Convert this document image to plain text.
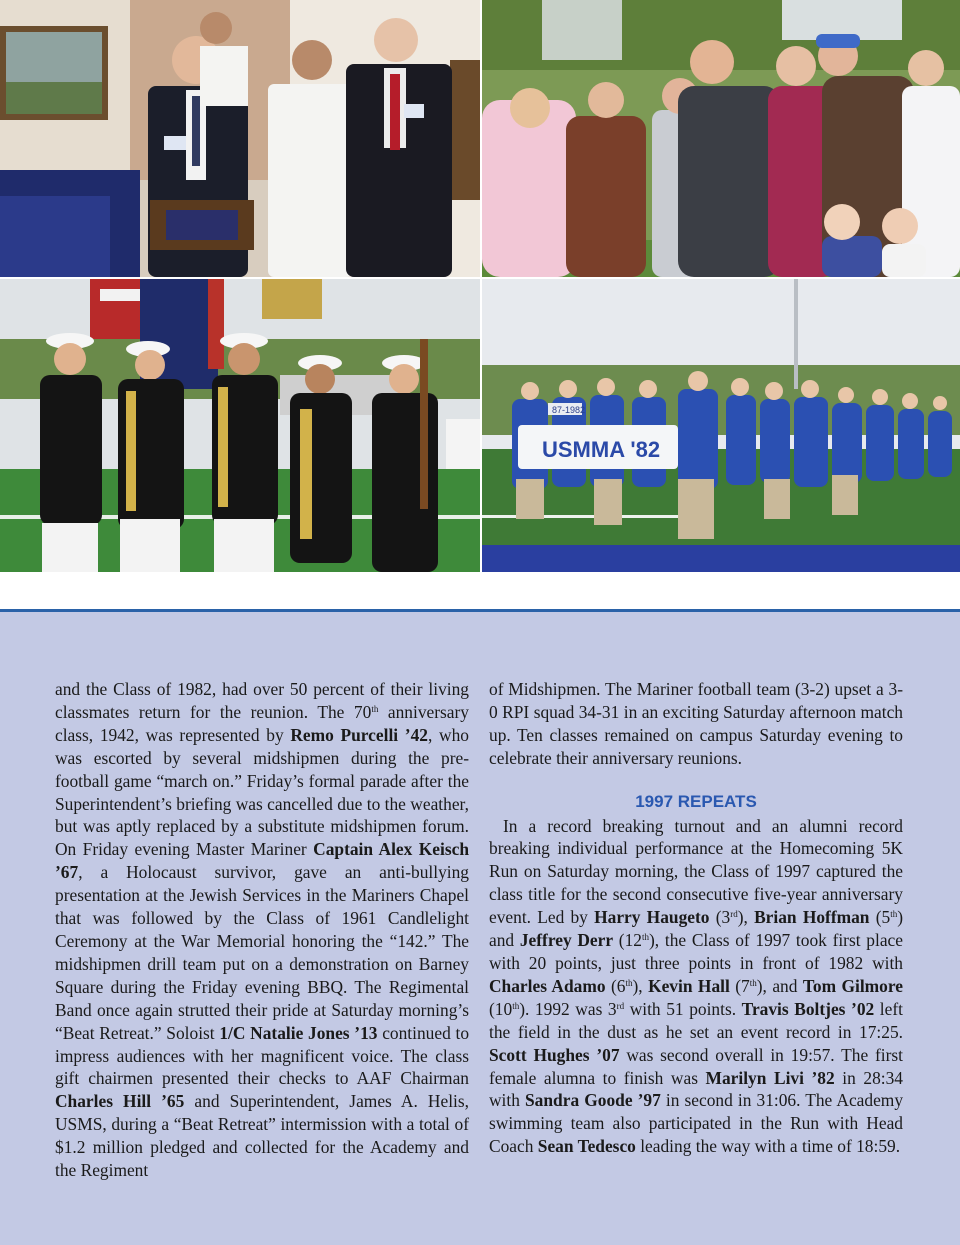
87-1982
USMMA '82

and the Class of 1982, had over 50 percent of their living classmates return for the reunion. The 70th anniversary class, 1942, was represented by Remo Purcelli ’42, who was escorted by several midshipmen during the pre-football game “march on.” Friday’s formal parade after the Superintendent’s briefing was cancelled due to the weather, but was aptly replaced by a substitute midshipmen forum. On Friday evening Master Mariner Captain Alex Keisch ’67, a Holocaust survivor, gave an anti-bullying presentation at the Jewish Services in the Mariners Chapel that was followed by the Class of 1961 Candlelight Ceremony at the War Memorial honoring the “142.” The midshipmen drill team put on a demonstration on Barney Square during the Friday evening BBQ. The Regimental Band once again strutted their pride at Saturday morning’s “Beat Retreat.” Soloist 1/C Natalie Jones ’13 continued to impress audiences with her magnificent voice. The class gift chairmen presented their checks to AAF Chairman Charles Hill ’65 and Superintendent, James A. Helis, USMS, during a “Beat Retreat” intermission with a total of $1.2 million pledged and collected for the Academy and the Regiment

of Midshipmen. The Mariner football team (3-2) upset a 3-0 RPI squad 34-31 in an exciting Saturday afternoon match up. Ten classes remained on campus Saturday evening to celebrate their anniversary reunions.

1997 REPEATS

In a record breaking turnout and an alumni record breaking individual performance at the Homecoming 5K Run on Saturday morning, the Class of 1997 captured the class title for the second consecutive five-year anniversary event. Led by Harry Haugeto (3rd), Brian Hoffman (5th) and Jeffrey Derr (12th), the Class of 1997 took first place with 20 points, just three points in front of 1982 with Charles Adamo (6th), Kevin Hall (7th), and Tom Gilmore (10th). 1992 was 3rd with 51 points. Travis Boltjes ’02 left the field in the dust as he set an event record in 17:25. Scott Hughes ’07 was second overall in 19:57. The first female alumna to finish was Marilyn Livi ’82 in 28:34 with Sandra Goode ’97 in second in 31:06. The Academy swimming team also participated in the Run with Head Coach Sean Tedesco leading the way with a time of 18:59.
